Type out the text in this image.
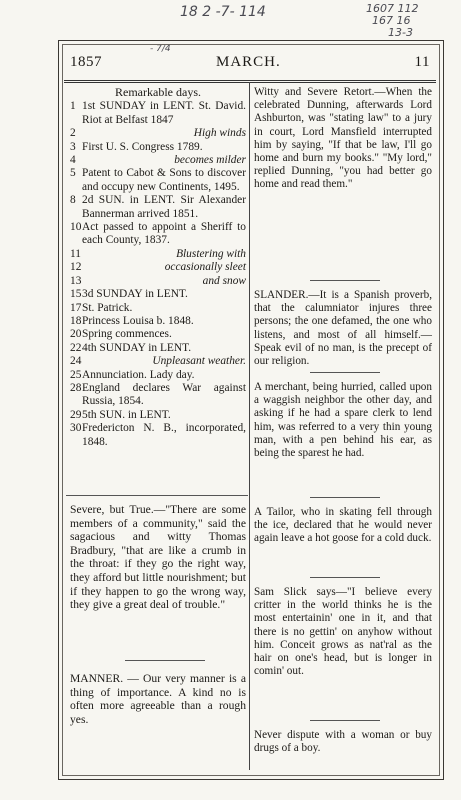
18 2 -7- 114	1607 112
167 16
13-3
- 7/4
1857	MARCH.	11
Remarkable days.
1 1st SUNDAY in LENT. St. David. Riot at Belfast 1847
2	High winds
3 First U. S. Congress 1789.
4	becomes milder
5 Patent to Cabot & Sons to discover and occupy new Continents, 1495.
8 2d SUN. in LENT. Sir Alexander Bannerman arrived 1851.
10 Act passed to appoint a Sheriff to each County, 1837.
11	Blustering with
12	occasionally sleet
13	and snow
15 3d SUNDAY in LENT.
17 St. Patrick.
18 Princess Louisa b. 1848.
20 Spring commences.
22 4th SUNDAY in LENT.
24	Unpleasant weather.
25 Annunciation. Lady day.
28 England declares War against Russia, 1854.
29 5th SUN. in LENT.
30 Fredericton N. B., incorporated, 1848.
Severe, but True.—"There are some members of a community," said the sagacious and witty Thomas Bradbury, "that are like a crumb in the throat: if they go the right way, they afford but little nourishment; but if they happen to go the wrong way, they give a great deal of trouble."
MANNER. — Our very manner is a thing of importance. A kind no is often more agreeable than a rough yes.
Witty and Severe Retort.—When the celebrated Dunning, afterwards Lord Ashburton, was "stating law" to a jury in court, Lord Mansfield interrupted him by saying, "If that be law, I'll go home and burn my books." "My lord," replied Dunning, "you had better go home and read them."
SLANDER.—It is a Spanish proverb, that the calumniator injures three persons; the one defamed, the one who listens, and most of all himself.—Speak evil of no man, is the precept of our religion.
A merchant, being hurried, called upon a waggish neighbor the other day, and asking if he had a spare clerk to lend him, was referred to a very thin young man, with a pen behind his ear, as being the sparest he had.
A Tailor, who in skating fell through the ice, declared that he would never again leave a hot goose for a cold duck.
Sam Slick says—"I believe every critter in the world thinks he is the most entertainin' one in it, and that there is no gettin' on anyhow without him. Conceit grows as nat'ral as the hair on one's head, but is longer in comin' out.
Never dispute with a woman or buy drugs of a boy.
